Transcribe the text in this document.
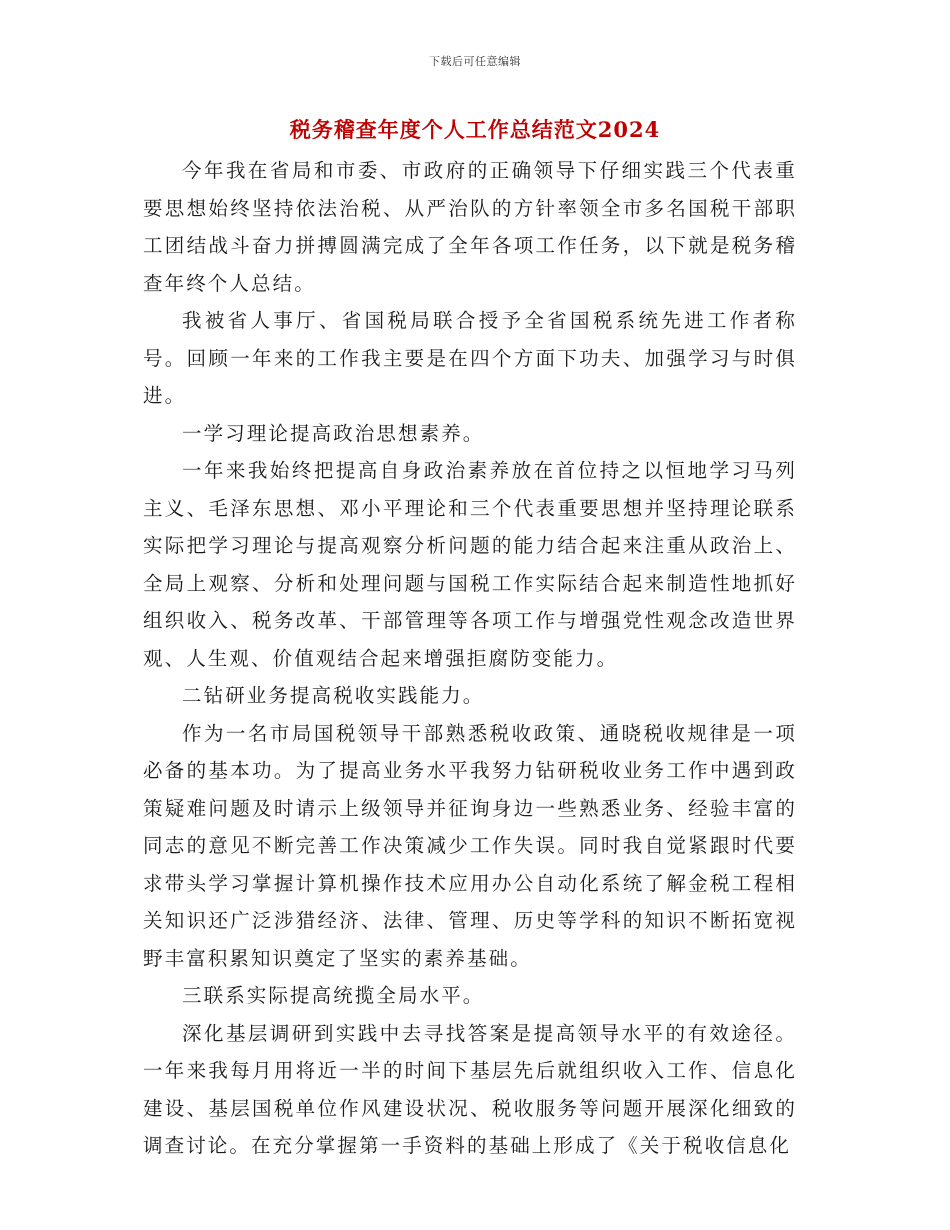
下载后可任意编辑
税务稽查年度个人工作总结范文2024

今年我在省局和市委、市政府的正确领导下仔细实践三个代表重要思想始终坚持依法治税、从严治队的方针率领全市多名国税干部职工团结战斗奋力拼搏圆满完成了全年各项工作任务，以下就是税务稽查年终个人总结。

我被省人事厅、省国税局联合授予全省国税系统先进工作者称号。回顾一年来的工作我主要是在四个方面下功夫、加强学习与时俱进。

一学习理论提高政治思想素养。

一年来我始终把提高自身政治素养放在首位持之以恒地学习马列主义、毛泽东思想、邓小平理论和三个代表重要思想并坚持理论联系实际把学习理论与提高观察分析问题的能力结合起来注重从政治上、全局上观察、分析和处理问题与国税工作实际结合起来制造性地抓好组织收入、税务改革、干部管理等各项工作与增强党性观念改造世界观、人生观、价值观结合起来增强拒腐防变能力。

二钻研业务提高税收实践能力。

作为一名市局国税领导干部熟悉税收政策、通晓税收规律是一项必备的基本功。为了提高业务水平我努力钻研税收业务工作中遇到政策疑难问题及时请示上级领导并征询身边一些熟悉业务、经验丰富的同志的意见不断完善工作决策减少工作失误。同时我自觉紧跟时代要求带头学习掌握计算机操作技术应用办公自动化系统了解金税工程相关知识还广泛涉猎经济、法律、管理、历史等学科的知识不断拓宽视野丰富积累知识奠定了坚实的素养基础。

三联系实际提高统揽全局水平。

深化基层调研到实践中去寻找答案是提高领导水平的有效途径。一年来我每月用将近一半的时间下基层先后就组织收入工作、信息化建设、基层国税单位作风建设状况、税收服务等问题开展深化细致的调查讨论。在充分掌握第一手资料的基础上形成了《关于税收信息化
